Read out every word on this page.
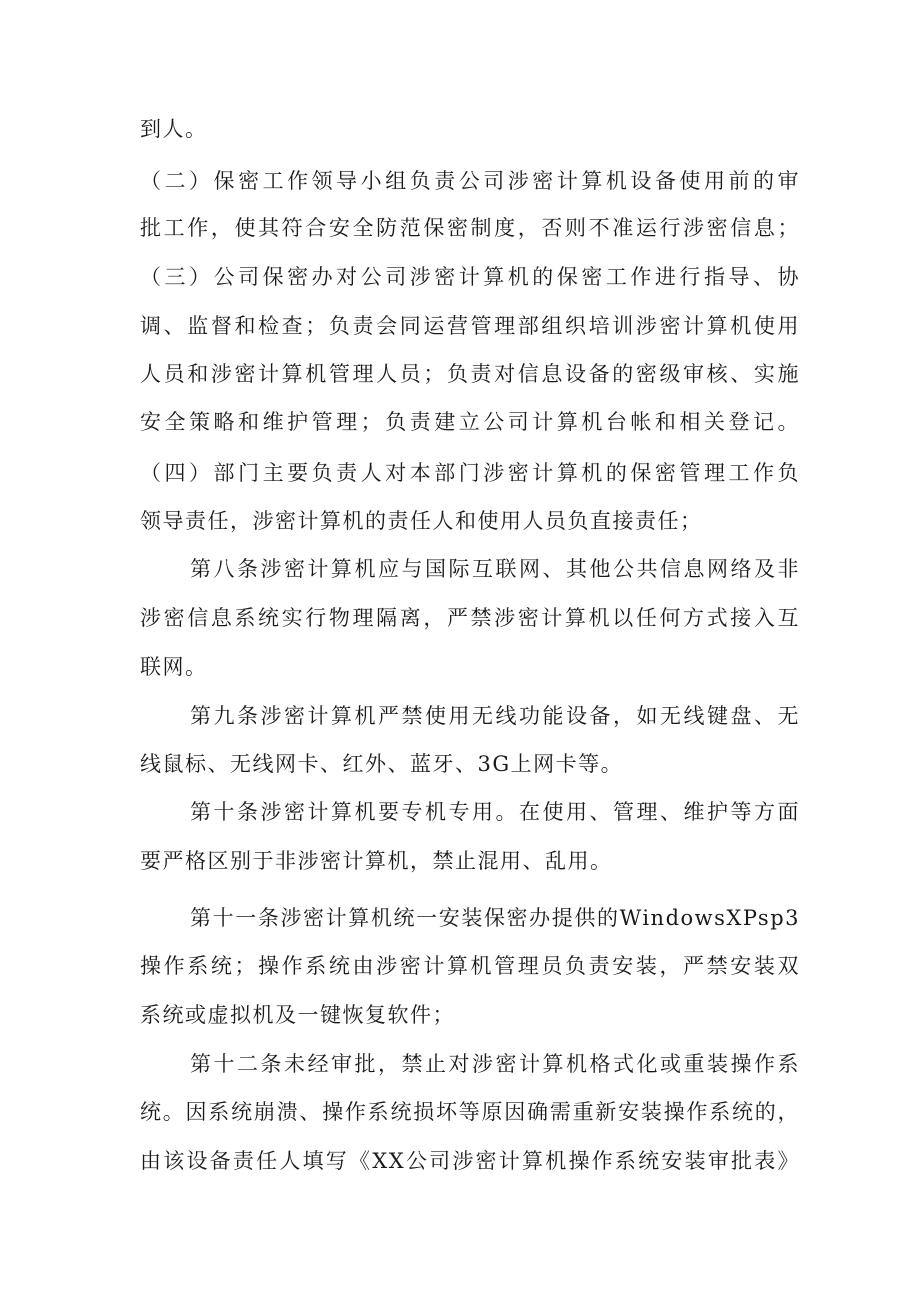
到人。
（二）保密工作领导小组负责公司涉密计算机设备使用前的审
批工作，使其符合安全防范保密制度，否则不准运行涉密信息；
（三）公司保密办对公司涉密计算机的保密工作进行指导、协
调、监督和检查；负责会同运营管理部组织培训涉密计算机使用
人员和涉密计算机管理人员；负责对信息设备的密级审核、实施
安全策略和维护管理；负责建立公司计算机台帐和相关登记。
（四）部门主要负责人对本部门涉密计算机的保密管理工作负
领导责任，涉密计算机的责任人和使用人员负直接责任；
第八条涉密计算机应与国际互联网、其他公共信息网络及非
涉密信息系统实行物理隔离，严禁涉密计算机以任何方式接入互
联网。
第九条涉密计算机严禁使用无线功能设备，如无线键盘、无
线鼠标、无线网卡、红外、蓝牙、3G上网卡等。
第十条涉密计算机要专机专用。在使用、管理、维护等方面
要严格区别于非涉密计算机，禁止混用、乱用。
第十一条涉密计算机统一安装保密办提供的WindowsXPsp3
操作系统；操作系统由涉密计算机管理员负责安装，严禁安装双
系统或虚拟机及一键恢复软件；
第十二条未经审批，禁止对涉密计算机格式化或重装操作系
统。因系统崩溃、操作系统损坏等原因确需重新安装操作系统的，
由该设备责任人填写《XX公司涉密计算机操作系统安装审批表》
